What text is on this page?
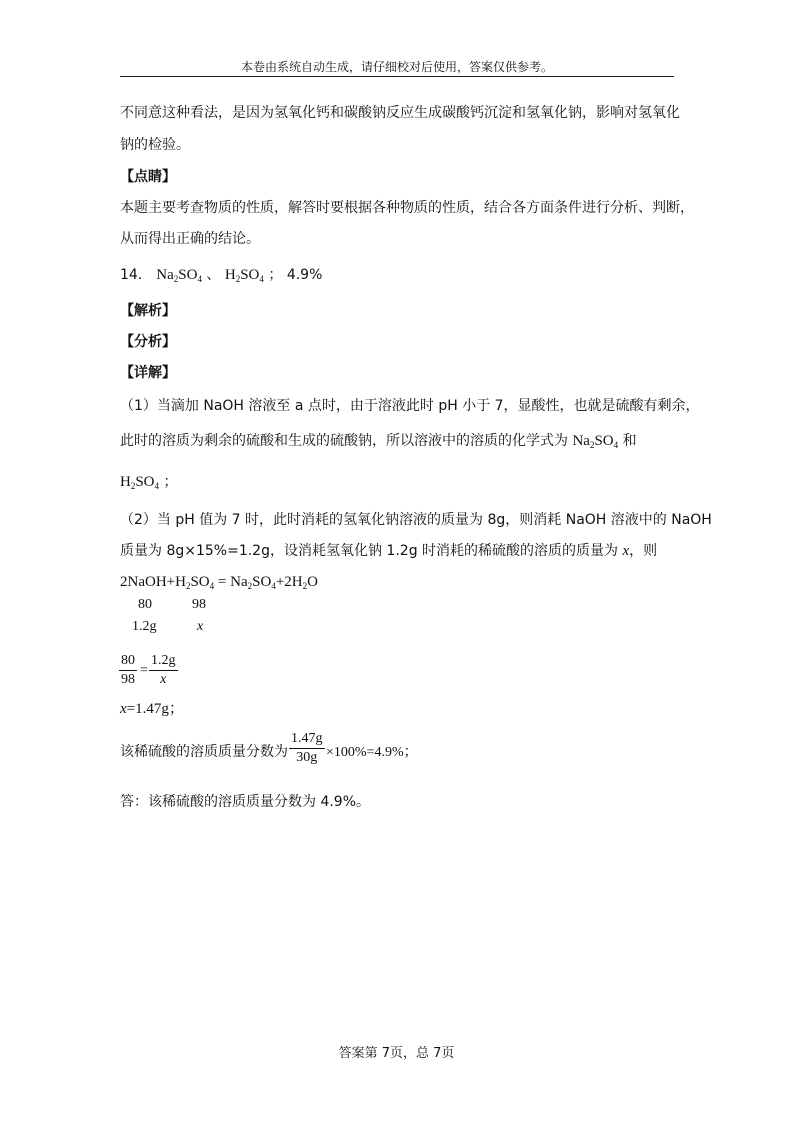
本卷由系统自动生成，请仔细校对后使用，答案仅供参考。
不同意这种看法，是因为氢氧化钙和碳酸钠反应生成碳酸钙沉淀和氢氧化钠，影响对氢氧化
钠的检验。
【点睛】
本题主要考查物质的性质，解答时要根据各种物质的性质，结合各方面条件进行分析、判断，
从而得出正确的结论。
14． $Na_2SO_4$ 、 $H_2SO_4$ ； 4.9%
【解析】
【分析】
【详解】
（1）当滴加 NaOH 溶液至 a 点时，由于溶液此时 pH 小于 7，显酸性，也就是硫酸有剩余，
此时的溶质为剩余的硫酸和生成的硫酸钠，所以溶液中的溶质的化学式为 $Na_2SO_4$ 和
$H_2SO_4$ ；
（2）当 pH 值为 7 时，此时消耗的氢氧化钠溶液的质量为 8g，则消耗 NaOH 溶液中的 NaOH
质量为 8g×15%=1.2g，设消耗氢氧化钠 1.2g 时消耗的稀硫酸的溶质的质量为 x，则
$2NaOH+H_2SO_4 = Na_2SO_4+2H_2O$
80	98
1.2g	x
$\frac{80}{98} = \frac{1.2g}{x}$
x=1.47g；
该稀硫酸的溶质质量分数为 $\frac{1.47g}{30g} \times 100\%=4.9\%$；
答：该稀硫酸的溶质质量分数为 4.9%。
答案第 7页，总 7页
